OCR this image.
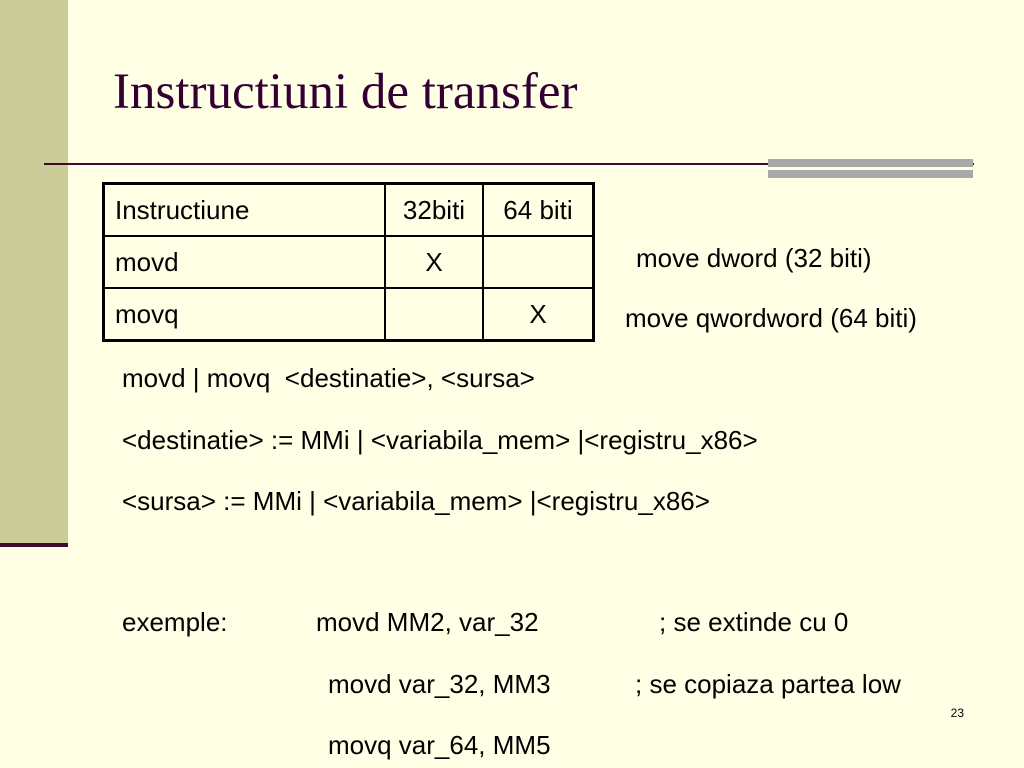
Instructiuni de transfer
Instructiune	32biti	64 biti
movd	X	
movq		X
move dword (32 biti)
move qwordword (64 biti)
movd | movq  <destinatie>, <sursa>
<destinatie> := MMi | <variabila_mem> |<registru_x86>
<sursa> := MMi | <variabila_mem> |<registru_x86>
exemple:	movd MM2, var_32	; se extinde cu 0
movd var_32, MM3	; se copiaza partea low
movq var_64, MM5
23
